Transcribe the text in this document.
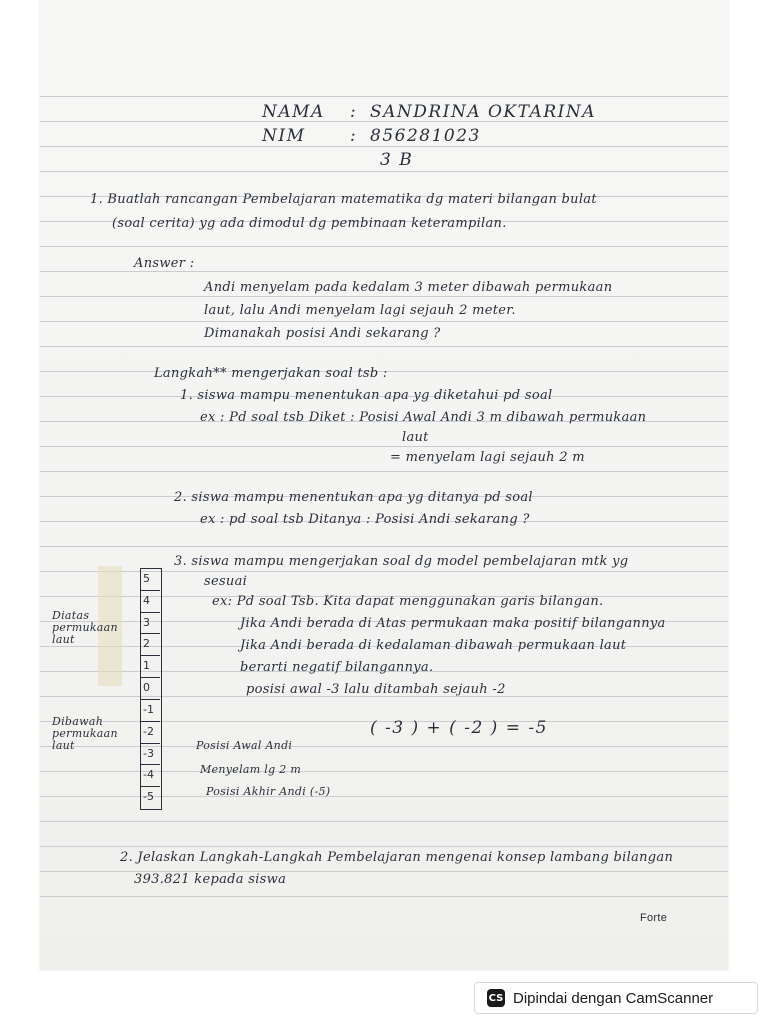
NAMA : SANDRINA OKTARINA
NIM	: 856281023
3 B
1. Buatlah rancangan Pembelajaran matematika dg materi bilangan bulat
(soal cerita) yg ada dimodul dg pembinaan keterampilan.
Answer :
Andi menyelam pada kedalam 3 meter dibawah permukaan
laut, lalu Andi menyelam lagi sejauh 2 meter.
Dimanakah posisi Andi sekarang ?
Langkah** mengerjakan soal tsb :
1. siswa mampu menentukan apa yg diketahui pd soal
ex : Pd soal tsb Diket : Posisi Awal Andi 3 m dibawah permukaan
laut
= menyelam lagi sejauh 2 m
2. siswa mampu menentukan apa yg ditanya pd soal
ex : pd soal tsb Ditanya : Posisi Andi sekarang ?
3. siswa mampu mengerjakan soal dg model pembelajaran mtk yg
sesuai
ex: Pd soal Tsb. Kita dapat menggunakan garis bilangan.
Jika Andi berada di Atas permukaan maka positif bilangannya
Jika Andi berada di kedalaman dibawah permukaan laut
berarti negatif bilangannya.
posisi awal -3 lalu ditambah sejauh -2
( -3 ) + ( -2 ) = -5
5
4
3
2
1
0
-1
-2
-3
-4
-5
Diatas permukaan laut
Dibawah permukaan laut	Posisi Awal Andi
Menyelam lg 2 m
Posisi Akhir Andi (-5)
2. Jelaskan Langkah-Langkah Pembelajaran mengenai konsep lambang bilangan
393.821 kepada siswa
Forte
CS Dipindai dengan CamScanner
